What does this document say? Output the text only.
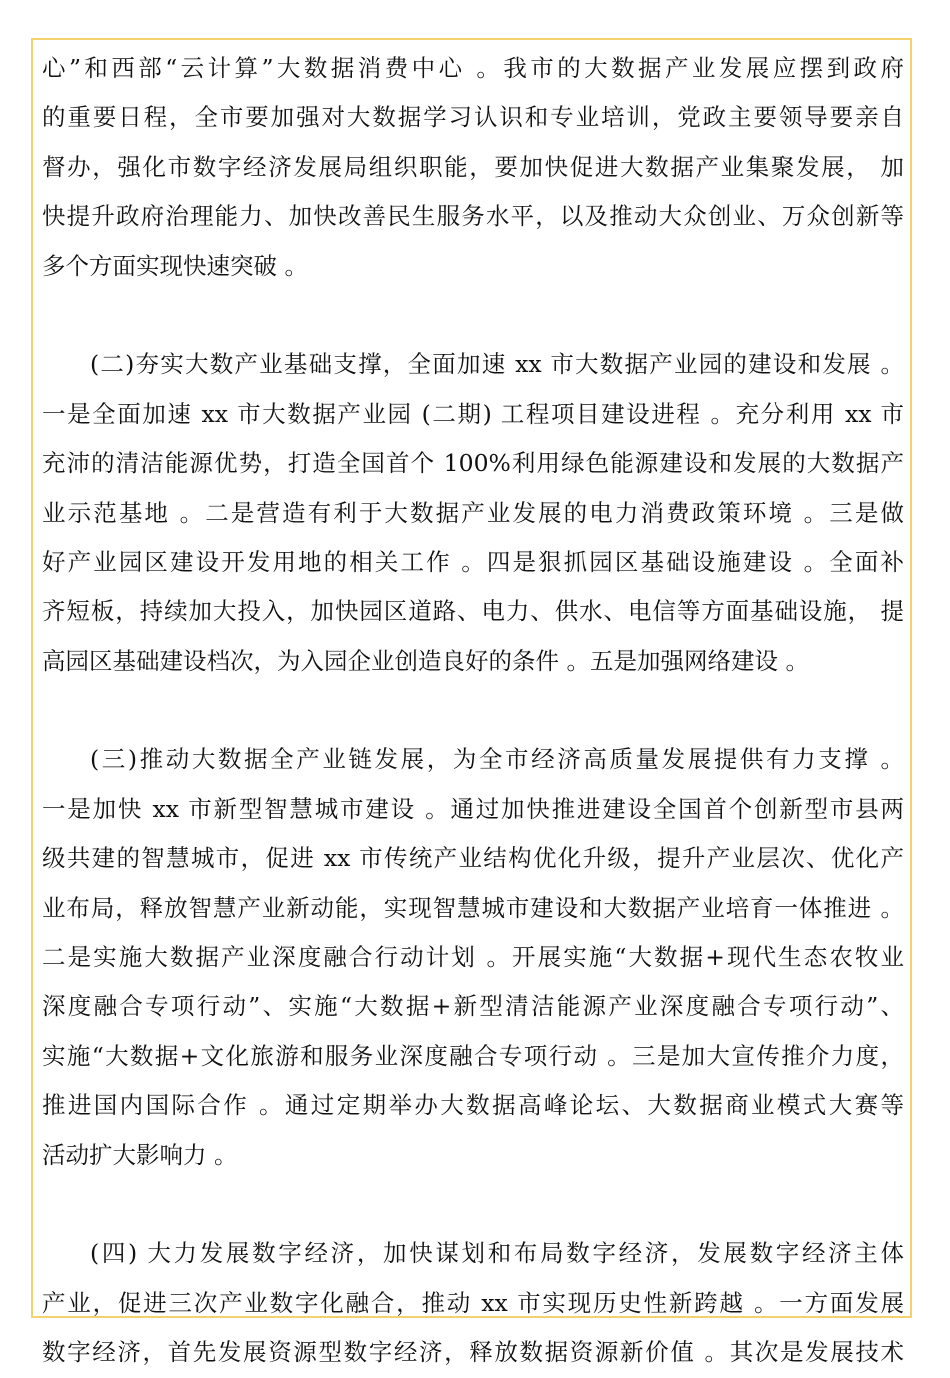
心”和西部“云计算”大数据消费中心 。我市的大数据产业发展应摆到政府
的重要日程，全市要加强对大数据学习认识和专业培训，党政主要领导要亲自
督办，强化市数字经济发展局组织职能，要加快促进大数据产业集聚发展， 加
快提升政府治理能力、加快改善民生服务水平，以及推动大众创业、万众创新等
多个方面实现快速突破 。
(二)夯实大数产业基础支撑，全面加速 xx 市大数据产业园的建设和发展 。
一是全面加速 xx 市大数据产业园 (二期) 工程项目建设进程 。充分利用 xx 市
充沛的清洁能源优势，打造全国首个 100%利用绿色能源建设和发展的大数据产
业示范基地 。二是营造有利于大数据产业发展的电力消费政策环境 。三是做
好产业园区建设开发用地的相关工作 。四是狠抓园区基础设施建设 。全面补
齐短板，持续加大投入，加快园区道路、电力、供水、电信等方面基础设施， 提
高园区基础建设档次，为入园企业创造良好的条件 。五是加强网络建设 。
(三)推动大数据全产业链发展，为全市经济高质量发展提供有力支撑 。
一是加快 xx 市新型智慧城市建设 。通过加快推进建设全国首个创新型市县两
级共建的智慧城市，促进 xx 市传统产业结构优化升级，提升产业层次、优化产
业布局，释放智慧产业新动能，实现智慧城市建设和大数据产业培育一体推进 。
二是实施大数据产业深度融合行动计划 。开展实施“大数据+现代生态农牧业
深度融合专项行动”、实施“大数据+新型清洁能源产业深度融合专项行动”、
实施“大数据+文化旅游和服务业深度融合专项行动 。三是加大宣传推介力度，
推进国内国际合作 。通过定期举办大数据高峰论坛、大数据商业模式大赛等
活动扩大影响力 。
(四) 大力发展数字经济，加快谋划和布局数字经济，发展数字经济主体
产业，促进三次产业数字化融合，推动 xx 市实现历史性新跨越 。一方面发展
数字经济，首先发展资源型数字经济，释放数据资源新价值 。其次是发展技术
